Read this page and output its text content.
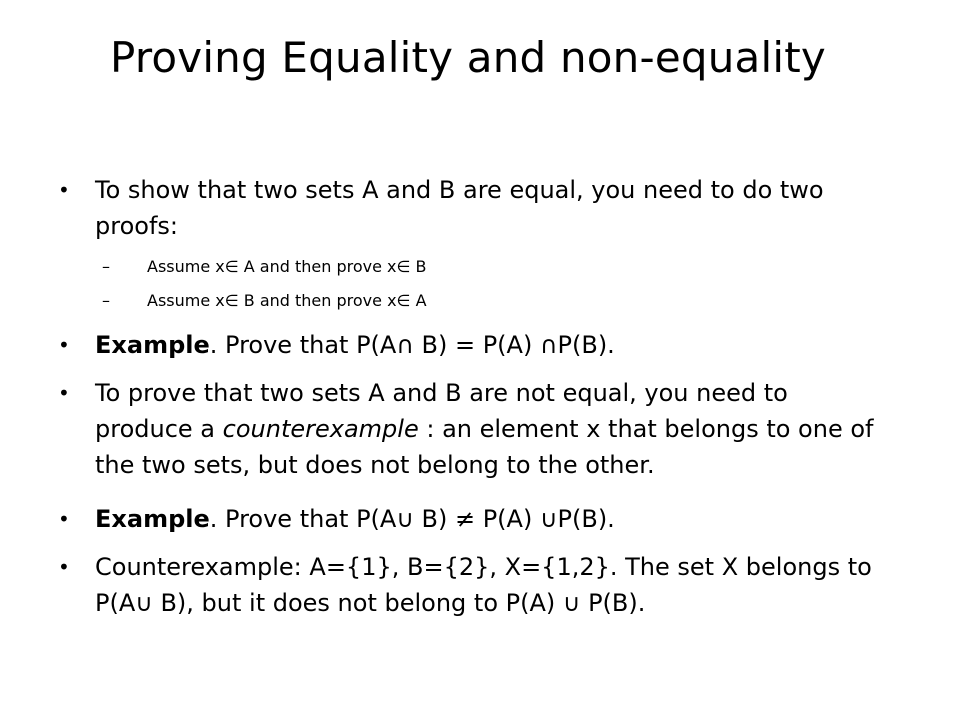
Proving Equality and non-equality
• To show that two sets A and B are equal, you need to do two proofs:
– Assume x∈ A and then prove x∈ B
– Assume x∈ B and then prove x∈ A
• Example. Prove that P(A∩ B) = P(A) ∩P(B).
• To prove that two sets A and B are not equal, you need to produce a counterexample : an element x that belongs to one of the two sets, but does not belong to the other.
• Example. Prove that P(A∪ B) ≠ P(A) ∪P(B).
• Counterexample: A={1}, B={2}, X={1,2}. The set X belongs to P(A∪ B), but it does not belong to P(A) ∪ P(B).
